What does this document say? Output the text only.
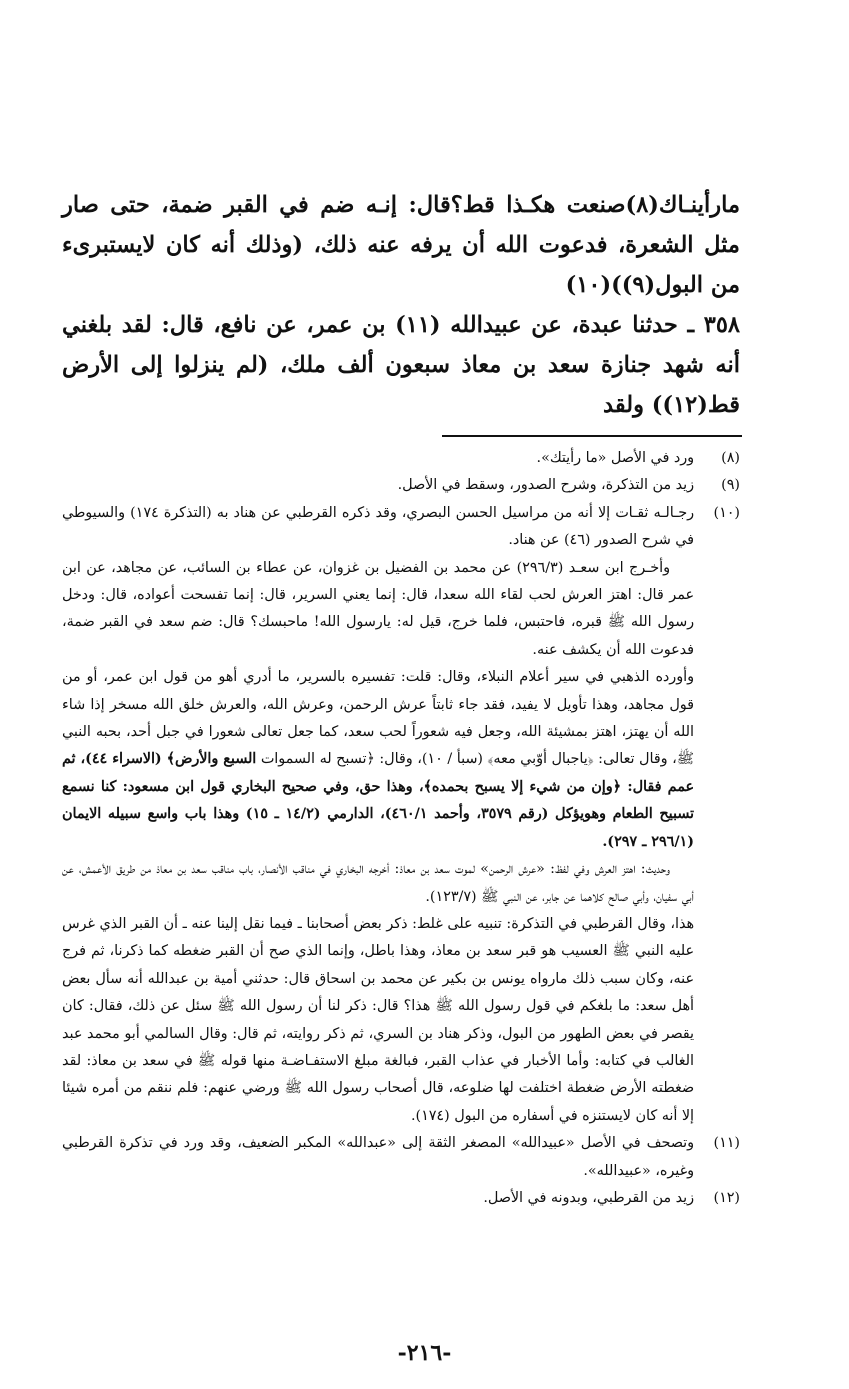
مارأينـاك(٨)صنعت هكـذا قط؟قال: إنـه ضم في القبر ضمة، حتى صار مثل الشعرة، فدعوت الله أن يرفه عنه ذلك، (وذلك أنه كان لايستبرىء من البول(٩))(١٠)

٣٥٨ ـ حدثنا عبدة، عن عبيدالله (١١) بن عمر، عن نافع، قال: لقد بلغني أنه شهد جنازة سعد بن معاذ سبعون ألف ملك، (لم ينزلوا إلى الأرض قط(١٢)) ولقد

(٨)
ورد في الأصل «ما رأيتك».
(٩)
زيد من التذكرة، وشرح الصدور، وسقط في الأصل.
(١٠)
رجـالـه ثقـات إلا أنه من مراسيل الحسن البصري، وقد ذكره القرطبي عن هناد به (التذكرة ١٧٤) والسيوطي في شرح الصدور (٤٦) عن هناد.
وأخـرج ابن سعـد (٢٩٦/٣) عن محمد بن الفضيل بن غزوان، عن عطاء بن السائب، عن مجاهد، عن ابن عمر قال: اهتز العرش لحب لقاء الله سعدا، قال: إنما يعني السرير، قال: إنما تفسحت أعواده، قال: ودخل رسول الله ﷺ قبره، فاحتبس، فلما خرج، قيل له: يارسول الله! ماحبسك؟ قال: ضم سعد في القبر ضمة، فدعوت الله أن يكشف عنه.
وأورده الذهبي في سير أعلام النبلاء، وقال: قلت: تفسيره بالسرير، ما أدري أهو من قول ابن عمر، أو من قول مجاهد، وهذا تأويل لا يفيد، فقد جاء ثابتاً عرش الرحمن، وعرش الله، والعرش خلق الله مسخر إذا شاء الله أن يهتز، اهتز بمشيئة الله، وجعل فيه شعوراً لحب سعد، كما جعل تعالى شعورا في جبل أحد، بحبه النبي ﷺ، وقال تعالى: ﴿ياجبال أوّبي معه﴾ (سبأ / ١٠)، وقال: ﴿تسبح له السموات السبع والأرض﴾ (الاسراء ٤٤)، ثم عمم فقال: ﴿وإن من شيء إلا يسبح بحمده﴾، وهذا حق، وفي صحيح البخاري قول ابن مسعود: كنا نسمع تسبيح الطعام وهويؤكل (رقم ٣٥٧٩، وأحمد ٤٦٠/١)، الدارمي (١٤/٢ ـ ١٥) وهذا باب واسع سبيله الايمان (٢٩٦/١ ـ ٢٩٧).
وحديث: اهتز العرش وفي لفظ: «عرش الرحمن» لموت سعد بن معاذ: أخرجه البخاري في مناقب الأنصار، باب مناقب سعد بن معاذ من طريق الأعمش، عن أبي سفيان، وأبي صالح كلاهما عن جابر، عن النبي ﷺ (١٢٣/٧).
هذا، وقال القرطبي في التذكرة: تنبيه على غلط: ذكر بعض أصحابنا ـ فيما نقل إلينا عنه ـ أن القبر الذي غرس عليه النبي ﷺ العسيب هو قبر سعد بن معاذ، وهذا باطل، وإنما الذي صح أن القبر ضغطه كما ذكرنا، ثم فرج عنه، وكان سبب ذلك مارواه يونس بن بكير عن محمد بن اسحاق قال: حدثني أمية بن عبدالله أنه سأل بعض أهل سعد: ما بلغكم في قول رسول الله ﷺ هذا؟ قال: ذكر لنا أن رسول الله ﷺ سئل عن ذلك، فقال: كان يقصر في بعض الطهور من البول، وذكر هناد بن السري، ثم ذكر روايته، ثم قال: وقال السالمي أبو محمد عبد الغالب في كتابه: وأما الأخبار في عذاب القبر، فبالغة مبلغ الاستفـاضـة منها قوله ﷺ في سعد بن معاذ: لقد ضغطته الأرض ضغطة اختلفت لها ضلوعه، قال أصحاب رسول الله ﷺ ورضي عنهم: فلم ننقم من أمره شيئا إلا أنه كان لايستنزه في أسفاره من البول (١٧٤).
(١١)
وتصحف في الأصل «عبيدالله» المصغر الثقة إلى «عبدالله» المكبر الضعيف، وقد ورد في تذكرة القرطبي وغيره، «عبيدالله».
(١٢)
زيد من القرطبي، وبدونه في الأصل.
-٢١٦-
